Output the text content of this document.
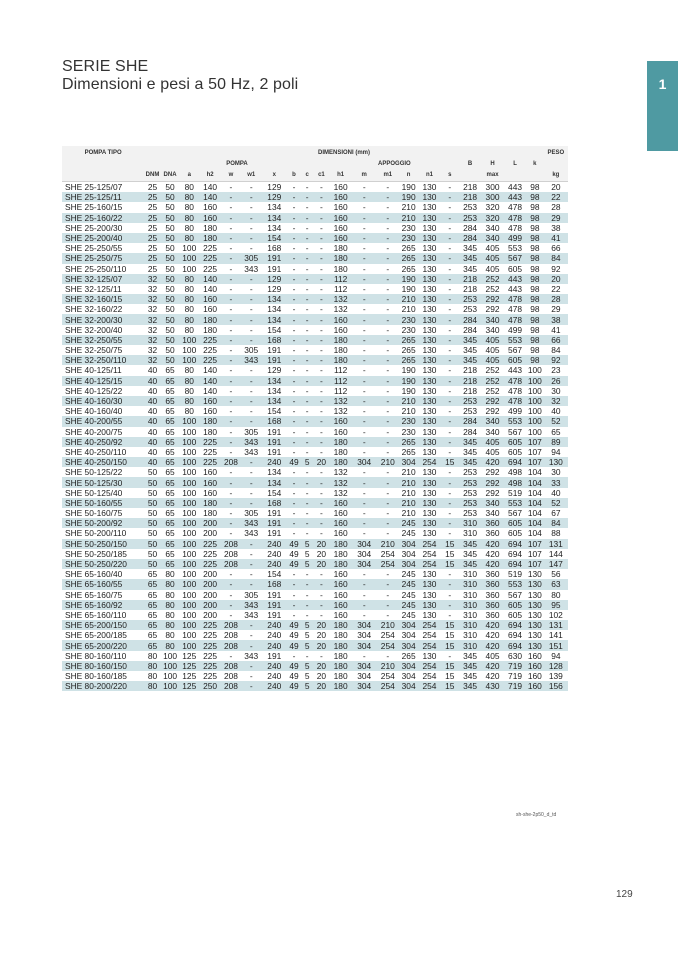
SERIE SHE
Dimensioni e pesi a 50 Hz, 2 poli	1
POMPA TIPO	DIMENSIONI (mm)																				PESO
	POMPA										APPOGGIO						B	H	L	k	
	DNM	DNA	a	h2	w	w1	x	b	c	c1	h1	m	m1	n	n1	s		max			kg
SHE 25-125/07	25	50	80	140	-	-	129	-	-	-	160	-	-	190	130	-	218	300	443	98	20
SHE 25-125/11	25	50	80	140	-	-	129	-	-	-	160	-	-	190	130	-	218	300	443	98	22
SHE 25-160/15	25	50	80	160	-	-	134	-	-	-	160	-	-	210	130	-	253	320	478	98	28
SHE 25-160/22	25	50	80	160	-	-	134	-	-	-	160	-	-	210	130	-	253	320	478	98	29
SHE 25-200/30	25	50	80	180	-	-	134	-	-	-	160	-	-	230	130	-	284	340	478	98	38
SHE 25-200/40	25	50	80	180	-	-	154	-	-	-	160	-	-	230	130	-	284	340	499	98	41
SHE 25-250/55	25	50	100	225	-	-	168	-	-	-	180	-	-	265	130	-	345	405	553	98	66
SHE 25-250/75	25	50	100	225	-	305	191	-	-	-	180	-	-	265	130	-	345	405	567	98	84
SHE 25-250/110	25	50	100	225	-	343	191	-	-	-	180	-	-	265	130	-	345	405	605	98	92
SHE 32-125/07	32	50	80	140	-	-	129	-	-	-	112	-	-	190	130	-	218	252	443	98	20
SHE 32-125/11	32	50	80	140	-	-	129	-	-	-	112	-	-	190	130	-	218	252	443	98	22
SHE 32-160/15	32	50	80	160	-	-	134	-	-	-	132	-	-	210	130	-	253	292	478	98	28
SHE 32-160/22	32	50	80	160	-	-	134	-	-	-	132	-	-	210	130	-	253	292	478	98	29
SHE 32-200/30	32	50	80	180	-	-	134	-	-	-	160	-	-	230	130	-	284	340	478	98	38
SHE 32-200/40	32	50	80	180	-	-	154	-	-	-	160	-	-	230	130	-	284	340	499	98	41
SHE 32-250/55	32	50	100	225	-	-	168	-	-	-	180	-	-	265	130	-	345	405	553	98	66
SHE 32-250/75	32	50	100	225	-	305	191	-	-	-	180	-	-	265	130	-	345	405	567	98	84
SHE 32-250/110	32	50	100	225	-	343	191	-	-	-	180	-	-	265	130	-	345	405	605	98	92
SHE 40-125/11	40	65	80	140	-	-	129	-	-	-	112	-	-	190	130	-	218	252	443	100	23
SHE 40-125/15	40	65	80	140	-	-	134	-	-	-	112	-	-	190	130	-	218	252	478	100	26
SHE 40-125/22	40	65	80	140	-	-	134	-	-	-	112	-	-	190	130	-	218	252	478	100	30
SHE 40-160/30	40	65	80	160	-	-	134	-	-	-	132	-	-	210	130	-	253	292	478	100	32
SHE 40-160/40	40	65	80	160	-	-	154	-	-	-	132	-	-	210	130	-	253	292	499	100	40
SHE 40-200/55	40	65	100	180	-	-	168	-	-	-	160	-	-	230	130	-	284	340	553	100	52
SHE 40-200/75	40	65	100	180	-	305	191	-	-	-	160	-	-	230	130	-	284	340	567	100	65
SHE 40-250/92	40	65	100	225	-	343	191	-	-	-	180	-	-	265	130	-	345	405	605	107	89
SHE 40-250/110	40	65	100	225	-	343	191	-	-	-	180	-	-	265	130	-	345	405	605	107	94
SHE 40-250/150	40	65	100	225	208	-	240	49	5	20	180	304	210	304	254	15	345	420	694	107	130
SHE 50-125/22	50	65	100	160	-	-	134	-	-	-	132	-	-	210	130	-	253	292	498	104	30
SHE 50-125/30	50	65	100	160	-	-	134	-	-	-	132	-	-	210	130	-	253	292	498	104	33
SHE 50-125/40	50	65	100	160	-	-	154	-	-	-	132	-	-	210	130	-	253	292	519	104	40
SHE 50-160/55	50	65	100	180	-	-	168	-	-	-	160	-	-	210	130	-	253	340	553	104	52
SHE 50-160/75	50	65	100	180	-	305	191	-	-	-	160	-	-	210	130	-	253	340	567	104	67
SHE 50-200/92	50	65	100	200	-	343	191	-	-	-	160	-	-	245	130	-	310	360	605	104	84
SHE 50-200/110	50	65	100	200	-	343	191	-	-	-	160	-	-	245	130	-	310	360	605	104	88
SHE 50-250/150	50	65	100	225	208	-	240	49	5	20	180	304	210	304	254	15	345	420	694	107	131
SHE 50-250/185	50	65	100	225	208	-	240	49	5	20	180	304	254	304	254	15	345	420	694	107	144
SHE 50-250/220	50	65	100	225	208	-	240	49	5	20	180	304	254	304	254	15	345	420	694	107	147
SHE 65-160/40	65	80	100	200	-	-	154	-	-	-	160	-	-	245	130	-	310	360	519	130	56
SHE 65-160/55	65	80	100	200	-	-	168	-	-	-	160	-	-	245	130	-	310	360	553	130	63
SHE 65-160/75	65	80	100	200	-	305	191	-	-	-	160	-	-	245	130	-	310	360	567	130	80
SHE 65-160/92	65	80	100	200	-	343	191	-	-	-	160	-	-	245	130	-	310	360	605	130	95
SHE 65-160/110	65	80	100	200	-	343	191	-	-	-	160	-	-	245	130	-	310	360	605	130	102
SHE 65-200/150	65	80	100	225	208	-	240	49	5	20	180	304	210	304	254	15	310	420	694	130	131
SHE 65-200/185	65	80	100	225	208	-	240	49	5	20	180	304	254	304	254	15	310	420	694	130	141
SHE 65-200/220	65	80	100	225	208	-	240	49	5	20	180	304	254	304	254	15	310	420	694	130	151
SHE 80-160/110	80	100	125	225	-	343	191	-	-	-	180	-	-	265	130	-	345	405	630	160	94
SHE 80-160/150	80	100	125	225	208	-	240	49	5	20	180	304	210	304	254	15	345	420	719	160	128
SHE 80-160/185	80	100	125	225	208	-	240	49	5	20	180	304	254	304	254	15	345	420	719	160	139
SHE 80-200/220	80	100	125	250	208	-	240	49	5	20	180	304	254	304	254	15	345	430	719	160	156
sh-she-2p50_d_td
129
